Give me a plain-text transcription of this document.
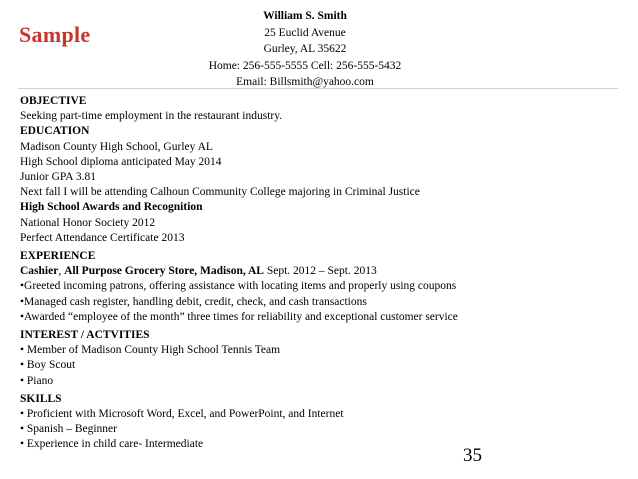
Sample
William S. Smith
25 Euclid Avenue
Gurley, AL 35622
Home: 256-555-5555 Cell: 256-555-5432
Email: Billsmith@yahoo.com
OBJECTIVE
Seeking part-time employment in the restaurant industry.
EDUCATION
Madison County High School, Gurley AL
High School diploma anticipated May 2014
Junior GPA 3.81
Next fall I will be attending Calhoun Community College majoring in Criminal Justice
High School Awards and Recognition
National Honor Society 2012
Perfect Attendance Certificate 2013
EXPERIENCE
Cashier, All Purpose Grocery Store, Madison, AL Sept. 2012 – Sept. 2013
•Greeted incoming patrons, offering assistance with locating items and properly using coupons
•Managed cash register, handling debit, credit, check, and cash transactions
•Awarded “employee of the month” three times for reliability and exceptional customer service
INTEREST / ACTVITIES
• Member of Madison County High School Tennis Team
• Boy Scout
• Piano
SKILLS
• Proficient with Microsoft Word, Excel, and PowerPoint, and Internet
• Spanish – Beginner
• Experience in child care- Intermediate
35
